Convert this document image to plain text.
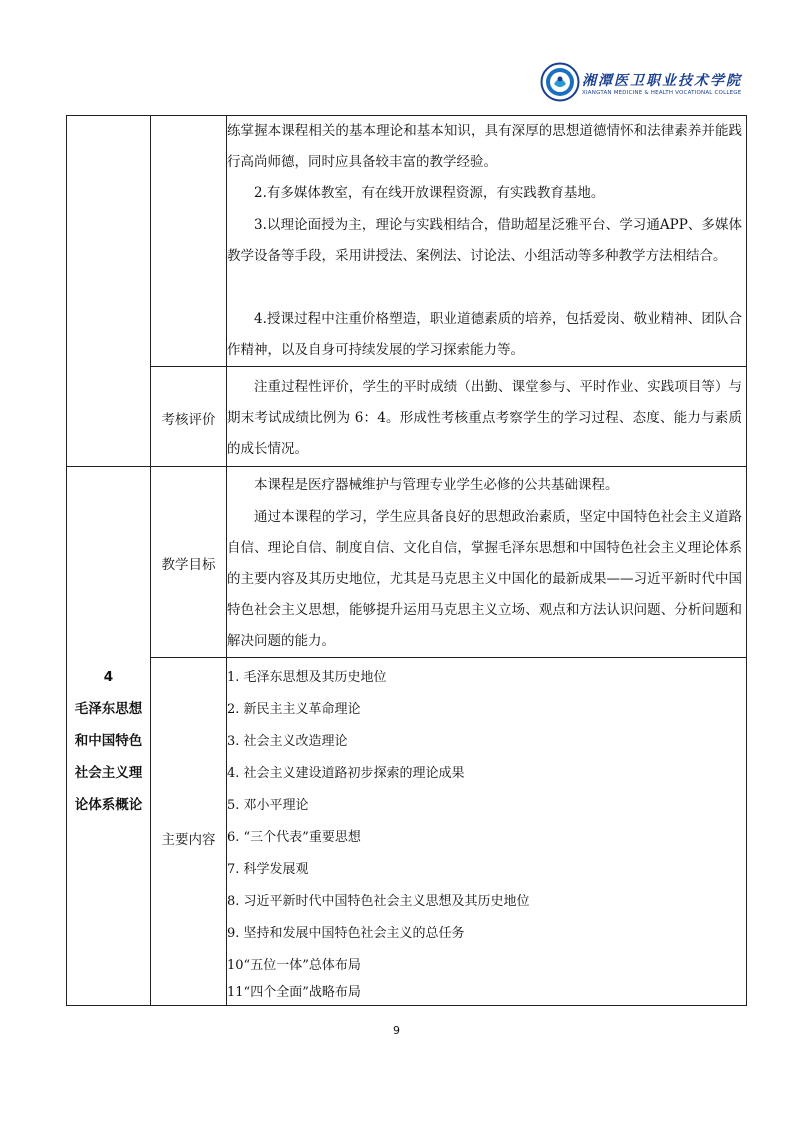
湘潭医卫职业技术学院
XIANGTAN MEDICINE & HEALTH VOCATIONAL COLLEGE
练掌握本课程相关的基本理论和基本知识，具有深厚的思想道德情怀和法律素养并能践行高尚师德，同时应具备较丰富的教学经验。
2.有多媒体教室，有在线开放课程资源，有实践教育基地。
3.以理论面授为主，理论与实践相结合，借助超星泛雅平台、学习通APP、多媒体教学设备等手段，采用讲授法、案例法、讨论法、小组活动等多种教学方法相结合。
4.授课过程中注重价格塑造，职业道德素质的培养，包括爱岗、敬业精神、团队合作精神，以及自身可持续发展的学习探索能力等。
考核评价
注重过程性评价，学生的平时成绩（出勤、课堂参与、平时作业、实践项目等）与期末考试成绩比例为 6：4。形成性考核重点考察学生的学习过程、态度、能力与素质的成长情况。
4
毛泽东思想
和中国特色
社会主义理
论体系概论
教学目标
本课程是医疗器械维护与管理专业学生必修的公共基础课程。
通过本课程的学习，学生应具备良好的思想政治素质，坚定中国特色社会主义道路自信、理论自信、制度自信、文化自信，掌握毛泽东思想和中国特色社会主义理论体系的主要内容及其历史地位，尤其是马克思主义中国化的最新成果——习近平新时代中国特色社会主义思想，能够提升运用马克思主义立场、观点和方法认识问题、分析问题和解决问题的能力。
主要内容
1. 毛泽东思想及其历史地位
2. 新民主主义革命理论
3. 社会主义改造理论
4. 社会主义建设道路初步探索的理论成果
5. 邓小平理论
6. “三个代表”重要思想
7. 科学发展观
8. 习近平新时代中国特色社会主义思想及其历史地位
9. 坚持和发展中国特色社会主义的总任务
10“五位一体”总体布局
11“四个全面”战略布局
9
